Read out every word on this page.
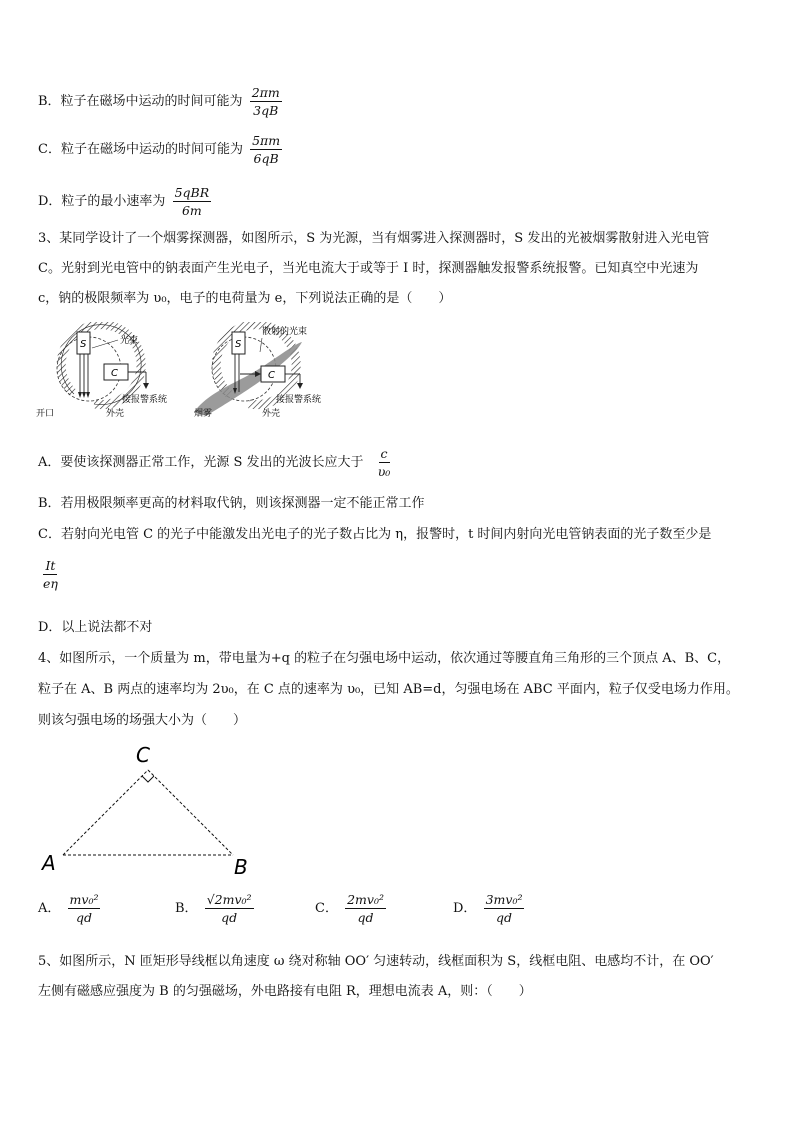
B．粒子在磁场中运动的时间可能为 $\frac{2\pi m}{3qB}$
C．粒子在磁场中运动的时间可能为 $\frac{5\pi m}{6qB}$
D．粒子的最小速率为 $\frac{\text{5qBR}}{6m}$
3、某同学设计了一个烟雾探测器，如图所示，S 为光源，当有烟雾进入探测器时，S 发出的光被烟雾散射进入光电管
C。光射到光电管中的钠表面产生光电子，当光电流大于或等于 I 时，探测器触发报警系统报警。已知真空中光速为
c，钠的极限频率为 υ₀，电子的电荷量为 e，下列说法正确的是（　　）
S
C
光束
接报警系统
开口	外壳
S
C
散射的光束
接报警系统
烟雾	外壳
A．要使该探测器正常工作，光源 S 发出的光波长应大于 $\frac{c}{\text{υ₀}}$
B．若用极限频率更高的材料取代钠，则该探测器一定不能正常工作
C．若射向光电管 C 的光子中能激发出光电子的光子数占比为 η，报警时，t 时间内射向光电管钠表面的光子数至少是
$\frac{It}{e\eta}$
D．以上说法都不对
4、如图所示，一个质量为 m，带电量为+q 的粒子在匀强电场中运动，依次通过等腰直角三角形的三个顶点 A、B、C，
粒子在 A、B 两点的速率均为 2υ₀，在 C 点的速率为 υ₀，已知 AB=d，匀强电场在 ABC 平面内，粒子仅受电场力作用。
则该匀强电场的场强大小为（　　）
C
A	B
A． $\frac{\text{mv₀²}}{qd}$	B． $\frac{\text{√2mv₀²}}{qd}$	C． $\frac{\text{2mv₀²}}{qd}$	D． $\frac{\text{3mv₀²}}{qd}$
5、如图所示，N 匝矩形导线框以角速度 ω 绕对称轴 OO′ 匀速转动，线框面积为 S，线框电阻、电感均不计，在 OO′
左侧有磁感应强度为 B 的匀强磁场，外电路接有电阻 R，理想电流表 A，则：（　　）
